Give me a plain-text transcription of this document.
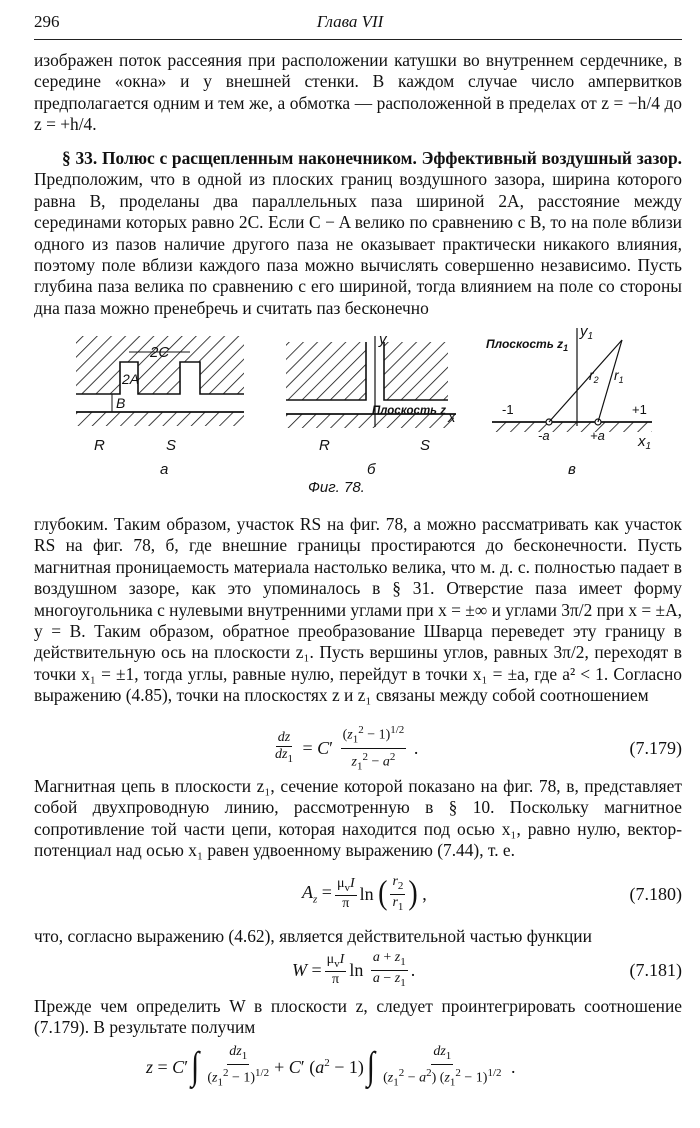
296	Глава VII
изображен поток рассеяния при расположении катушки во внутреннем сердечнике, в середине «окна» и у внешней стенки. В каждом случае число ампервитков предполагается одним и тем же, а обмотка — расположенной в пределах от z = −h/4 до z = +h/4.
§ 33. Полюс с расщепленным наконечником. Эффективный воздушный зазор. Предположим, что в одной из плоских границ воздушного зазора, ширина которого равна B, проделаны два параллельных паза шириной 2A, расстояние между серединами которых равно 2C. Если C − A велико по сравнению с B, то на поле вблизи одного из пазов наличие другого паза не оказывает практически никакого влияния, поэтому поле вблизи каждого паза можно вычислять совершенно независимо. Пусть глубина паза велика по сравнению с его шириной, тогда влиянием на поле со стороны дна паза можно пренебречь и считать паз бесконечно
2C
2A
B
R	S
а
y
x
Плоскость z
R	S
б
Плоскость $z_1$
$y_1$
$x_1$
$r_2$ $r_1$
-1	+1
-a	+a
в
Фиг. 78.
глубоким. Таким образом, участок RS на фиг. 78, а можно рассматривать как участок RS на фиг. 78, б, где внешние границы простираются до бесконечности. Пусть магнитная проницаемость материала настолько велика, что м. д. с. полностью падает в воздушном зазоре, как это упоминалось в § 31. Отверстие паза имеет форму многоугольника с нулевыми внутренними углами при x = ±∞ и углами 3π/2 при x = ±A, y = B. Таким образом, обратное преобразование Шварца переведет эту границу в действительную ось на плоскости z₁. Пусть вершины углов, равных 3π/2, переходят в точки x₁ = ±1, тогда углы, равные нулю, перейдут в точки x₁ = ±a, где a² < 1. Согласно выражению (4.85), точки на плоскостях z и z₁ связаны между собой соотношением
$\frac{dz}{dz_1} = C' \frac{(z_1^2 - 1)^{1/2}}{z_1^2 - a^2}$ .	(7.179)
Магнитная цепь в плоскости z₁, сечение которой показано на фиг. 78, в, представляет собой двухпроводную линию, рассмотренную в § 10. Поскольку магнитное сопротивление той части цепи, которая находится под осью x₁, равно нулю, вектор-потенциал над осью x₁ равен удвоенному выражению (7.44), т. е.
$A_z = \frac{\mu_vI}{\pi}$ ln ( $\frac{r_2}{r_1}$ ) ,	(7.180)
что, согласно выражению (4.62), является действительной частью функции
$W = \frac{\mu_vI}{\pi}$ $\ln \frac{a + z_1}{a - z_1}$ .	(7.181)
Прежде чем определить W в плоскости z, следует проинтегрировать соотношение (7.179). В результате получим
z = C′ ∫ $\frac{dz_1}{(z_1^2 - 1)^{1/2}} + C'$ $(a^2 - 1)$ ∫ $\frac{dz_1}{(z_1^2 - a^2) (z_1^2 - 1)^{1/2}}$ .
